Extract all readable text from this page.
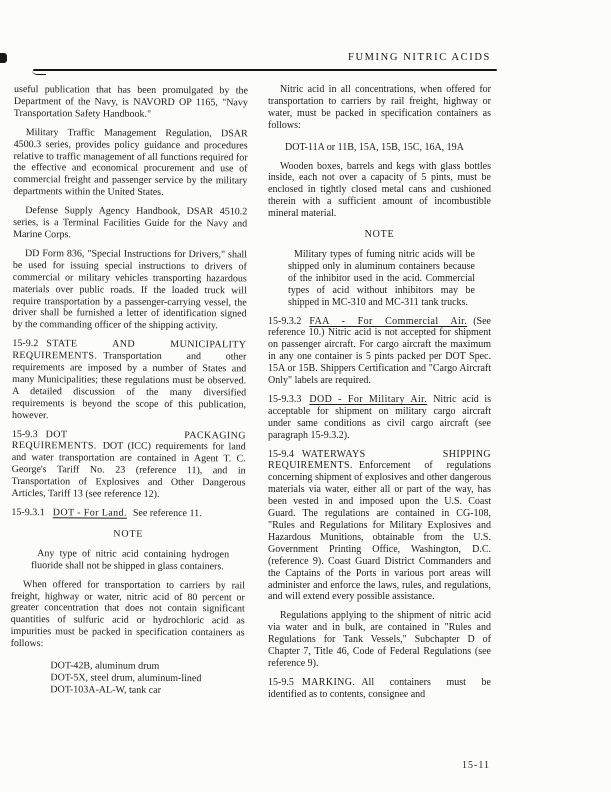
FUMING NITRIC ACIDS

useful publication that has been promulgated by the Department of the Navy, is NAVORD OP 1165, "Navy Transportation Safety Handbook."

Military Traffic Management Regulation, DSAR 4500.3 series, provides policy guidance and procedures relative to traffic management of all functions required for the effective and economical procurement and use of commercial freight and passenger service by the military departments within the United States.

Defense Supply Agency Handbook, DSAR 4510.2 series, is a Terminal Facilities Guide for the Navy and Marine Corps.

DD Form 836, "Special Instructions for Drivers," shall be used for issuing special instructions to drivers of commercial or military vehicles transporting hazardous materials over public roads. If the loaded truck will require transportation by a passenger-carrying vessel, the driver shall be furnished a letter of identification signed by the commanding officer of the shipping activity.

15-9.2 STATE AND MUNICIPALITY REQUIREMENTS. Transportation and other requirements are imposed by a number of States and many Municipalities; these regulations must be observed. A detailed discussion of the many diversified requirements is beyond the scope of this publication, however.

15-9.3 DOT PACKAGING REQUIREMENTS. DOT (ICC) requirements for land and water transportation are contained in Agent T. C. George's Tariff No. 23 (reference 11), and in Transportation of Explosives and Other Dangerous Articles, Tariff 13 (see reference 12).

15-9.3.1 DOT - For Land. See reference 11.

NOTE

Any type of nitric acid containing hydrogen fluoride shall not be shipped in glass containers.

When offered for transportation to carriers by rail freight, highway or water, nitric acid of 80 percent or greater concentration that does not contain significant quantities of sulfuric acid or hydrochloric acid as impurities must be packed in specification containers as follows:

DOT-42B, aluminum drum
DOT-5X, steel drum, aluminum-lined
DOT-103A-AL-W, tank car

Nitric acid in all concentrations, when offered for transportation to carriers by rail freight, highway or water, must be packed in specification containers as follows:

DOT-11A or 11B, 15A, 15B, 15C, 16A, 19A

Wooden boxes, barrels and kegs with glass bottles inside, each not over a capacity of 5 pints, must be enclosed in tightly closed metal cans and cushioned therein with a sufficient amount of incombustible mineral material.

NOTE

Military types of fuming nitric acids will be shipped only in aluminum containers because of the inhibitor used in the acid. Commercial types of acid without inhibitors may be shipped in MC-310 and MC-311 tank trucks.

15-9.3.2 FAA - For Commercial Air. (See reference 10.) Nitric acid is not accepted for shipment on passenger aircraft. For cargo aircraft the maximum in any one container is 5 pints packed per DOT Spec. 15A or 15B. Shippers Certification and "Cargo Aircraft Only" labels are required.

15-9.3.3 DOD - For Military Air. Nitric acid is acceptable for shipment on military cargo aircraft under same conditions as civil cargo aircraft (see paragraph 15-9.3.2).

15-9.4 WATERWAYS SHIPPING REQUIREMENTS. Enforcement of regulations concerning shipment of explosives and other dangerous materials via water, either all or part of the way, has been vested in and imposed upon the U.S. Coast Guard. The regulations are contained in CG-108, "Rules and Regulations for Military Explosives and Hazardous Munitions, obtainable from the U.S. Government Printing Office, Washington, D.C. (reference 9). Coast Guard District Commanders and the Captains of the Ports in various port areas will administer and enforce the laws, rules, and regulations, and will extend every possible assistance.

Regulations applying to the shipment of nitric acid via water and in bulk, are contained in "Rules and Regulations for Tank Vessels," Subchapter D of Chapter 7, Title 46, Code of Federal Regulations (see reference 9).

15-9.5 MARKING. All containers must be identified as to contents, consignee and

15-11
